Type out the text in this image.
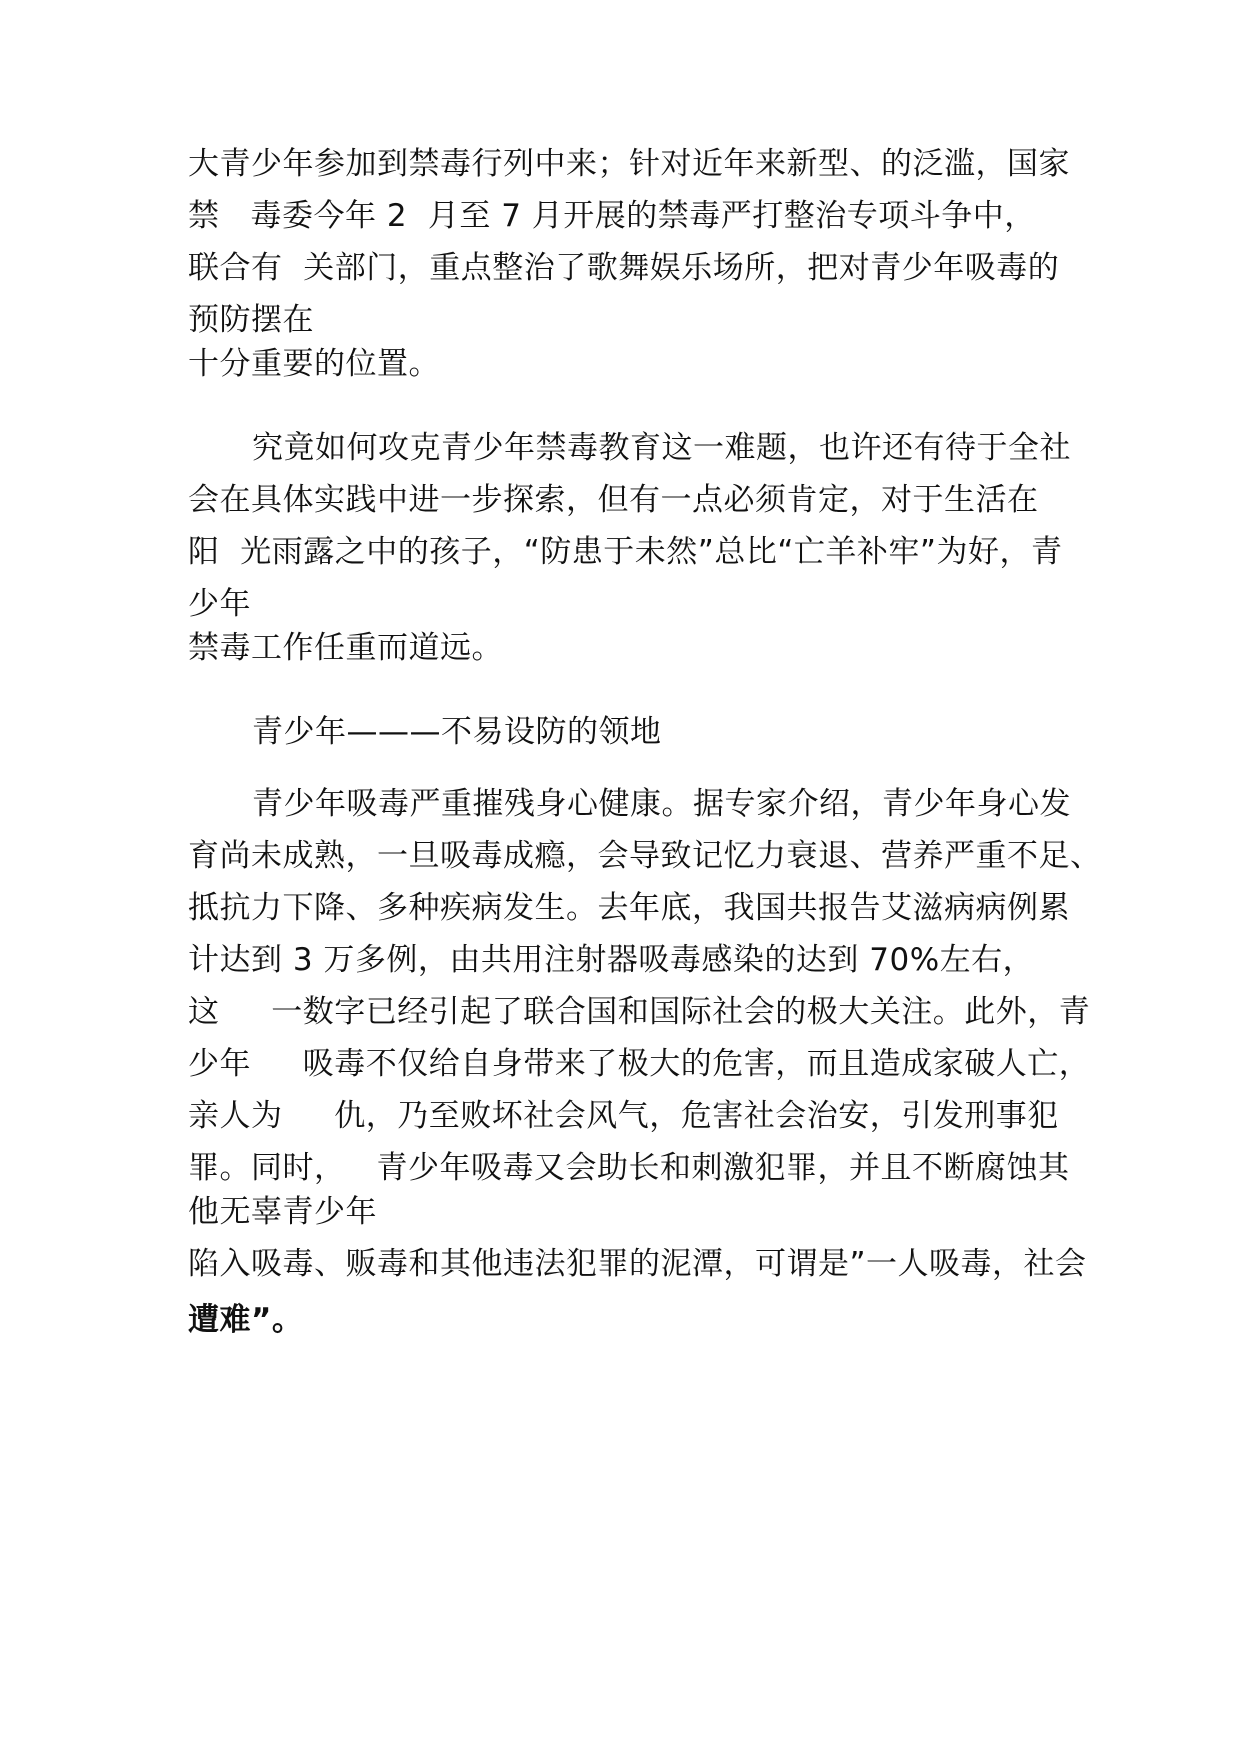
大青少年参加到禁毒行列中来；针对近年来新型、的泛滥，国家
禁   毒委今年 2  月至 7 月开展的禁毒严打整治专项斗争中，
联合有  关部门，重点整治了歌舞娱乐场所，把对青少年吸毒的
预防摆在
十分重要的位置。
究竟如何攻克青少年禁毒教育这一难题，也许还有待于全社
会在具体实践中进一步探索，但有一点必须肯定，对于生活在
阳  光雨露之中的孩子，“防患于未然”总比“亡羊补牢”为好，青
少年
禁毒工作任重而道远。
青少年———不易设防的领地
青少年吸毒严重摧残身心健康。据专家介绍，青少年身心发
育尚未成熟，一旦吸毒成瘾，会导致记忆力衰退、营养严重不足、
抵抗力下降、多种疾病发生。去年底，我国共报告艾滋病病例累
计达到 3 万多例，由共用注射器吸毒感染的达到 70%左右，
这     一数字已经引起了联合国和国际社会的极大关注。此外，青
少年     吸毒不仅给自身带来了极大的危害，而且造成家破人亡，
亲人为     仇，乃至败坏社会风气，危害社会治安，引发刑事犯
罪。同时，   青少年吸毒又会助长和刺激犯罪，并且不断腐蚀其
他无辜青少年
陷入吸毒、贩毒和其他违法犯罪的泥潭，可谓是”一人吸毒，社会
遭难”。
